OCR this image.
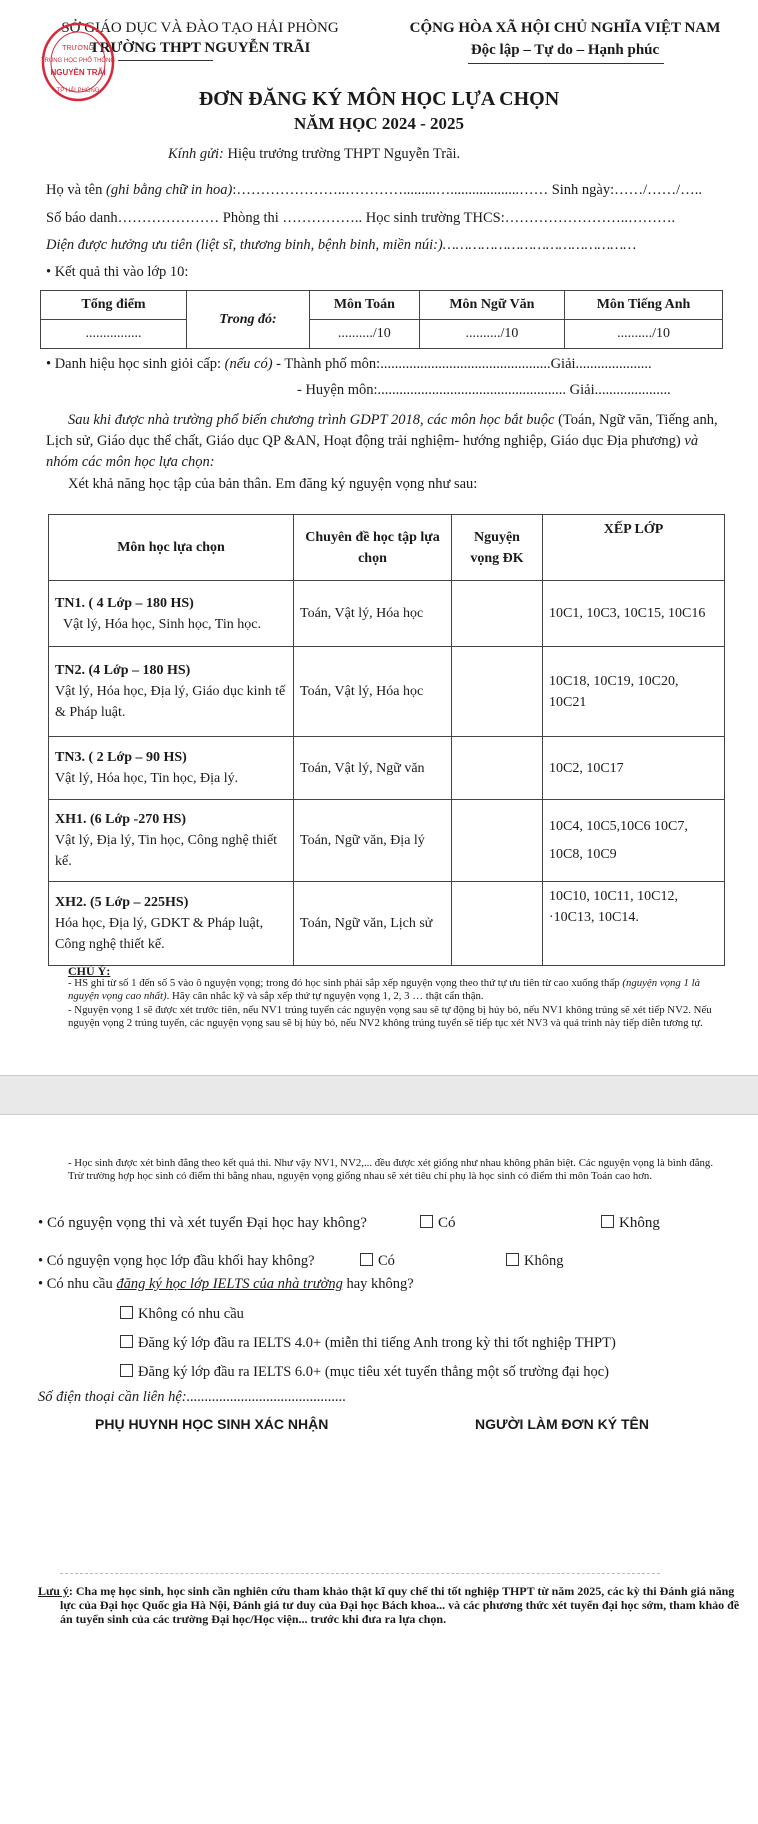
SỞ GIÁO DỤC VÀ ĐÀO TẠO HẢI PHÒNG
TRƯỜNG THPT NGUYỄN TRÃI
CỘNG HÒA XÃ HỘI CHỦ NGHĨA VIỆT NAM
Độc lập – Tự do – Hạnh phúc
TRƯỜNG
TRUNG HỌC PHỔ THÔNG
NGUYỄN TRÃI
TP HẢI PHÒNG	ĐƠN ĐĂNG KÝ MÔN HỌC LỰA CHỌN
NĂM HỌC 2024 - 2025
Kính gửi: Hiệu trưởng trường THPT Nguyễn Trãi.
Họ và tên (ghi bằng chữ in hoa):…………………..………….........…...................…… Sinh ngày:……/……/…..
Số báo danh………………… Phòng thi …………….. Học sinh trường THCS:……………………..……….
Diện được hưởng ưu tiên (liệt sĩ, thương binh, bệnh binh, miền núi:)………………………………………
• Kết quả thi vào lớp 10:
Tổng điểm	Trong đó:	Môn Toán	Môn Ngữ Văn	Môn Tiếng Anh
................		........../10	........../10	........../10
• Danh hiệu học sinh giỏi cấp: (nếu có) - Thành phố môn:...............................................Giải.....................
- Huyện môn:.................................................... Giải.....................
Sau khi được nhà trường phổ biến chương trình GDPT 2018, các môn học bắt buộc (Toán, Ngữ văn, Tiếng anh, Lịch sử, Giáo dục thể chất, Giáo dục QP &AN, Hoạt động trải nghiệm- hướng nghiệp, Giáo dục Địa phương) và nhóm các môn học lựa chọn:
Xét khả năng học tập của bản thân. Em đăng ký nguyện vọng như sau:
Môn học lựa chọn	Chuyên đề học tập lựa chọn	Nguyện vọng ĐK	XẾP LỚP

TN1. ( 4 Lớp – 180 HS)
Vật lý, Hóa học, Sinh học, Tin học.	Toán, Vật lý, Hóa học		10C1, 10C3, 10C15, 10C16

TN2. (4 Lớp – 180 HS)
Vật lý, Hóa học, Địa lý, Giáo dục kinh tế & Pháp luật.	Toán, Vật lý, Hóa học		10C18, 10C19, 10C20, 10C21

TN3. ( 2 Lớp – 90 HS)
Vật lý, Hóa học, Tin học, Địa lý.	Toán, Vật lý, Ngữ văn		10C2, 10C17

XH1. (6 Lớp -270 HS)
Vật lý, Địa lý, Tin học, Công nghệ thiết kế.	Toán, Ngữ văn, Địa lý		10C4, 10C5,10C6 10C7, 10C8, 10C9

XH2. (5 Lớp – 225HS)
Hóa học, Địa lý, GDKT & Pháp luật, Công nghệ thiết kế.	Toán, Ngữ văn, Lịch sử		10C10, 10C11, 10C12, ·10C13, 10C14.
CHÚ Ý:
- HS ghi từ số 1 đến số 5 vào ô nguyện vọng; trong đó học sinh phải sắp xếp nguyện vọng theo thứ tự ưu tiên từ cao xuống thấp (nguyện vọng 1 là nguyện vọng cao nhất). Hãy cân nhắc kỹ và sắp xếp thứ tự nguyện vọng 1, 2, 3 … thật cẩn thận.
- Nguyện vọng 1 sẽ được xét trước tiên, nếu NV1 trúng tuyển các nguyện vọng sau sẽ tự động bị hủy bỏ, nếu NV1 không trúng sẽ xét tiếp NV2. Nếu nguyện vọng 2 trúng tuyển, các nguyện vọng sau sẽ bị hủy bỏ, nếu NV2 không trúng tuyển sẽ tiếp tục xét NV3 và quá trình này tiếp diễn tương tự.
- Học sinh được xét bình đẳng theo kết quả thi. Như vậy NV1, NV2,... đều được xét giống như nhau không phân biệt. Các nguyện vọng là bình đẳng. Trừ trường hợp học sinh có điểm thi bằng nhau, nguyện vọng giống nhau sẽ xét tiêu chí phụ là học sinh có điểm thi môn Toán cao hơn.
• Có nguyện vọng thi và xét tuyển Đại học hay không?	Có	Không
• Có nguyện vọng học lớp đầu khối hay không?	Có	Không
• Có nhu cầu đăng ký học lớp IELTS của nhà trường hay không?
Không có nhu cầu
Đăng ký lớp đầu ra IELTS 4.0+ (miễn thi tiếng Anh trong kỳ thi tốt nghiệp THPT)
Đăng ký lớp đầu ra IELTS 6.0+ (mục tiêu xét tuyển thẳng một số trường đại học)
Số điện thoại cần liên hệ:............................................
PHỤ HUYNH HỌC SINH XÁC NHẬN	NGƯỜI LÀM ĐƠN KÝ TÊN
Lưu ý: Cha mẹ học sinh, học sinh cần nghiên cứu tham khảo thật kĩ quy chế thi tốt nghiệp THPT từ năm 2025, các kỳ thi Đánh giá năng lực của Đại học Quốc gia Hà Nội, Đánh giá tư duy của Đại học Bách khoa... và các phương thức xét tuyển đại học sớm, tham khảo đề án tuyển sinh của các trường Đại học/Học viện... trước khi đưa ra lựa chọn.
